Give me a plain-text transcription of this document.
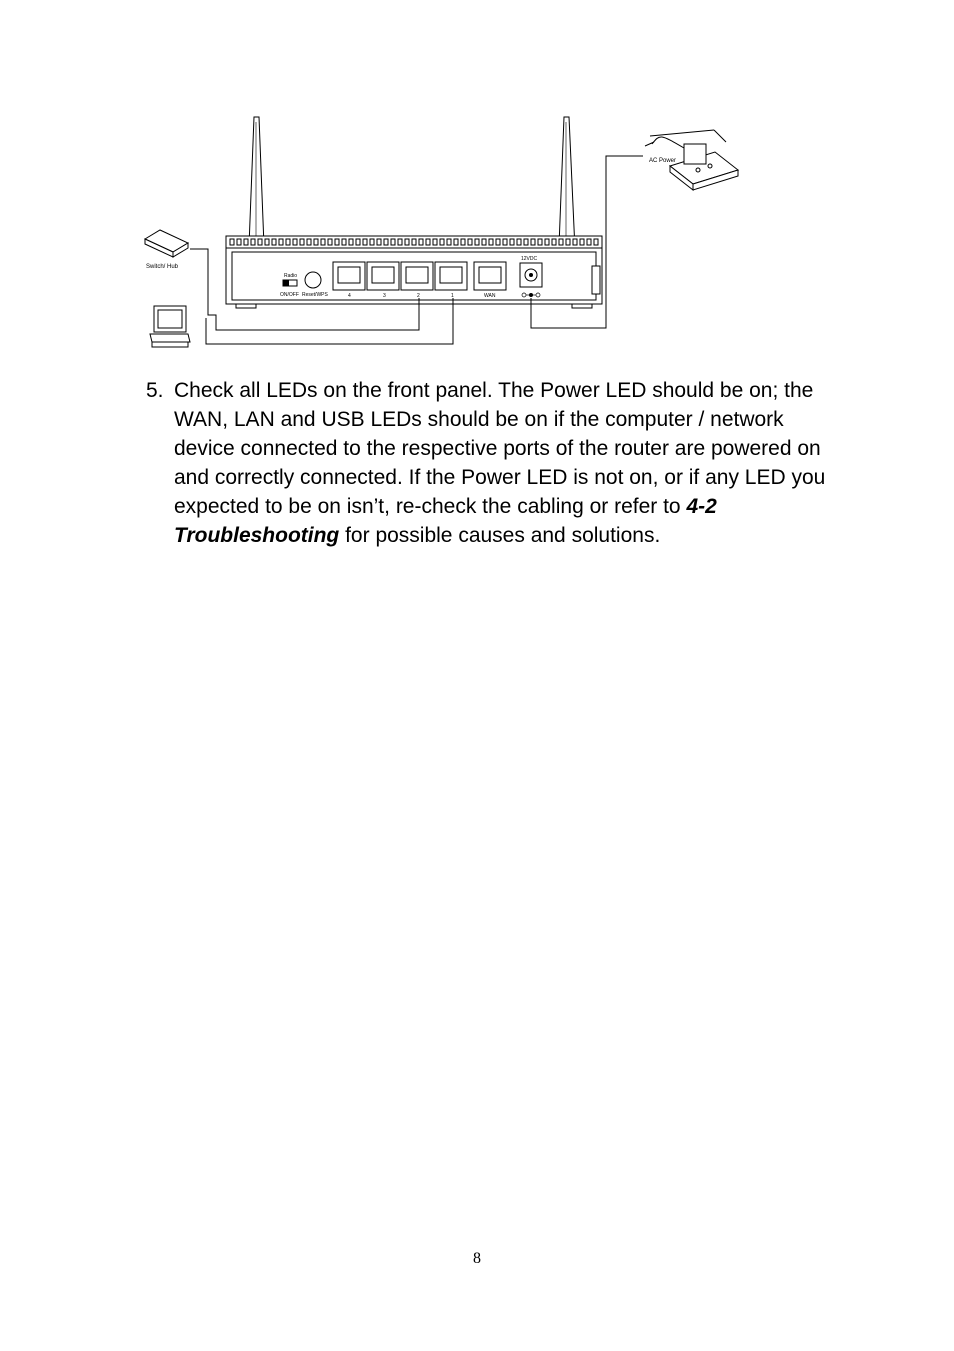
Radio
ON/OFF Reset/WPS	4	3	2	1	WAN
12VDC
Switch/ Hub
AC Power
5. Check all LEDs on the front panel. The Power LED should be on; the WAN, LAN and USB LEDs should be on if the computer / network device connected to the respective ports of the router are powered on and correctly connected. If the Power LED is not on, or if any LED you expected to be on isn’t, re-check the cabling or refer to 4-2 Troubleshooting for possible causes and solutions.
8
